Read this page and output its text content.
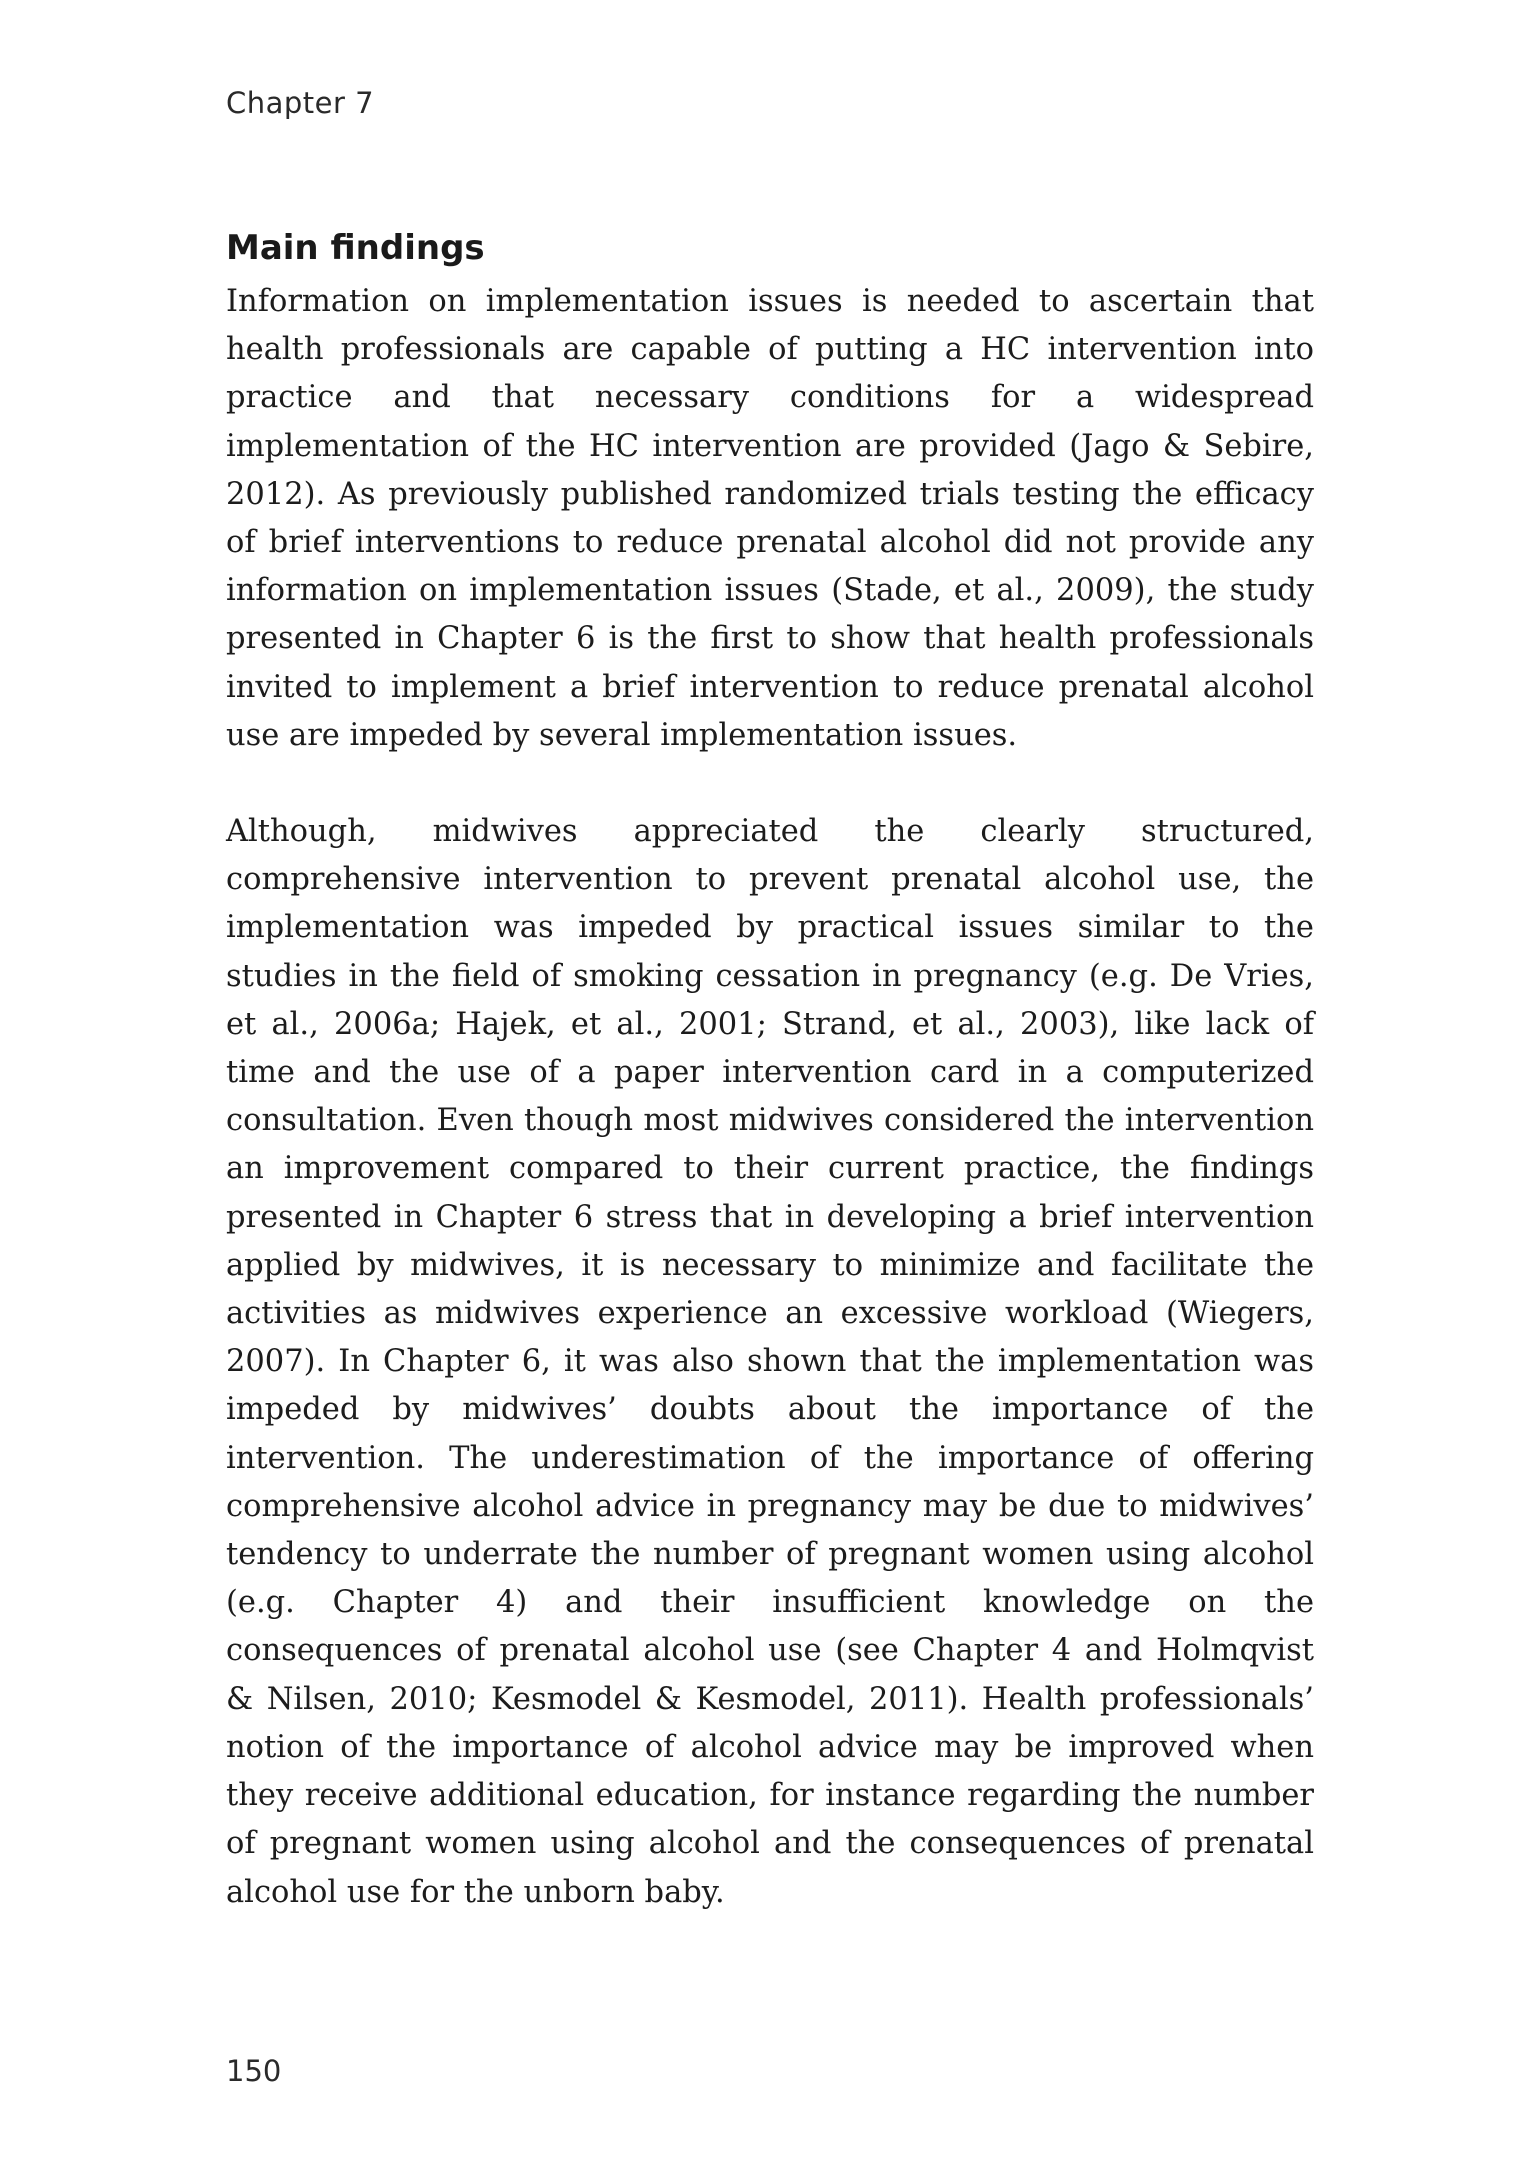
Chapter 7
Main findings

Information on implementation issues is needed to ascertain that health professionals are capable of putting a HC intervention into practice and that necessary conditions for a widespread implementation of the HC intervention are provided (Jago & Sebire, 2012). As previously published randomized trials testing the efficacy of brief interventions to reduce prenatal alcohol did not provide any information on implementation issues (Stade, et al., 2009), the study presented in Chapter 6 is the first to show that health professionals invited to implement a brief intervention to reduce prenatal alcohol use are impeded by several implementation issues.

Although, midwives appreciated the clearly structured, comprehensive intervention to prevent prenatal alcohol use, the implementation was impeded by practical issues similar to the studies in the field of smoking cessation in pregnancy (e.g. De Vries, et al., 2006a; Hajek, et al., 2001; Strand, et al., 2003), like lack of time and the use of a paper intervention card in a computerized consultation. Even though most midwives considered the intervention an improvement compared to their current practice, the findings presented in Chapter 6 stress that in developing a brief intervention applied by midwives, it is necessary to minimize and facilitate the activities as midwives experience an excessive workload (Wiegers, 2007). In Chapter 6, it was also shown that the implementation was impeded by midwives’ doubts about the importance of the intervention. The underestimation of the importance of offering comprehensive alcohol advice in pregnancy may be due to midwives’ tendency to underrate the number of pregnant women using alcohol (e.g. Chapter 4) and their insufficient knowledge on the consequences of prenatal alcohol use (see Chapter 4 and Holmqvist & Nilsen, 2010; Kesmodel & Kesmodel, 2011). Health professionals’ notion of the importance of alcohol advice may be improved when they receive additional education, for instance regarding the number of pregnant women using alcohol and the consequences of prenatal alcohol use for the unborn baby.

150
